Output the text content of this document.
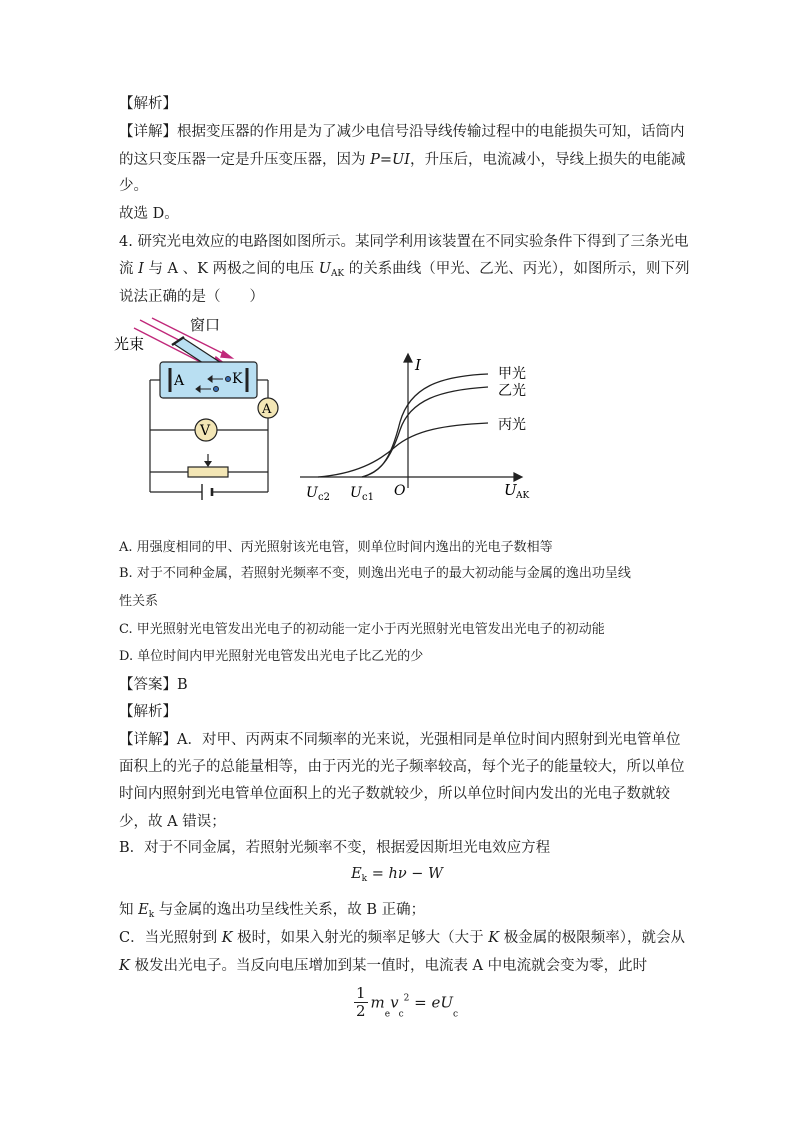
【解析】
【详解】根据变压器的作用是为了减少电信号沿导线传输过程中的电能损失可知，话筒内
的这只变压器一定是升压变压器，因为 P=UI，升压后，电流减小，导线上损失的电能减
少。
故选 D。
4. 研究光电效应的电路图如图所示。某同学利用该装置在不同实验条件下得到了三条光电
流 I 与 A 、K 两极之间的电压 $U_{AK}$ 的关系曲线（甲光、乙光、丙光），如图所示，则下列
说法正确的是（　　）
光束
窗口
A	K
V
A
I
U AK
O
U c2 U c1
甲光
乙光
丙光
A. 用强度相同的甲、丙光照射该光电管，则单位时间内逸出的光电子数相等
B. 对于不同种金属，若照射光频率不变，则逸出光电子的最大初动能与金属的逸出功呈线
性关系
C. 甲光照射光电管发出光电子的初动能一定小于丙光照射光电管发出光电子的初动能
D. 单位时间内甲光照射光电管发出光电子比乙光的少
【答案】B
【解析】
【详解】A．对甲、丙两束不同频率的光来说，光强相同是单位时间内照射到光电管单位
面积上的光子的总能量相等，由于丙光的光子频率较高，每个光子的能量较大，所以单位
时间内照射到光电管单位面积上的光子数就较少，所以单位时间内发出的光电子数就较
少，故 A 错误；
B．对于不同金属，若照射光频率不变，根据爱因斯坦光电效应方程
$E_k = h\nu - W$
知 $E_k$ 与金属的逸出功呈线性关系，故 B 正确；
C．当光照射到 K 极时，如果入射光的频率足够大（大于 K 极金属的极限频率），就会从
K 极发出光电子。当反向电压增加到某一值时，电流表 A 中电流就会变为零，此时
$\frac{1}{2} m_ev_c^2 = eU_c$
